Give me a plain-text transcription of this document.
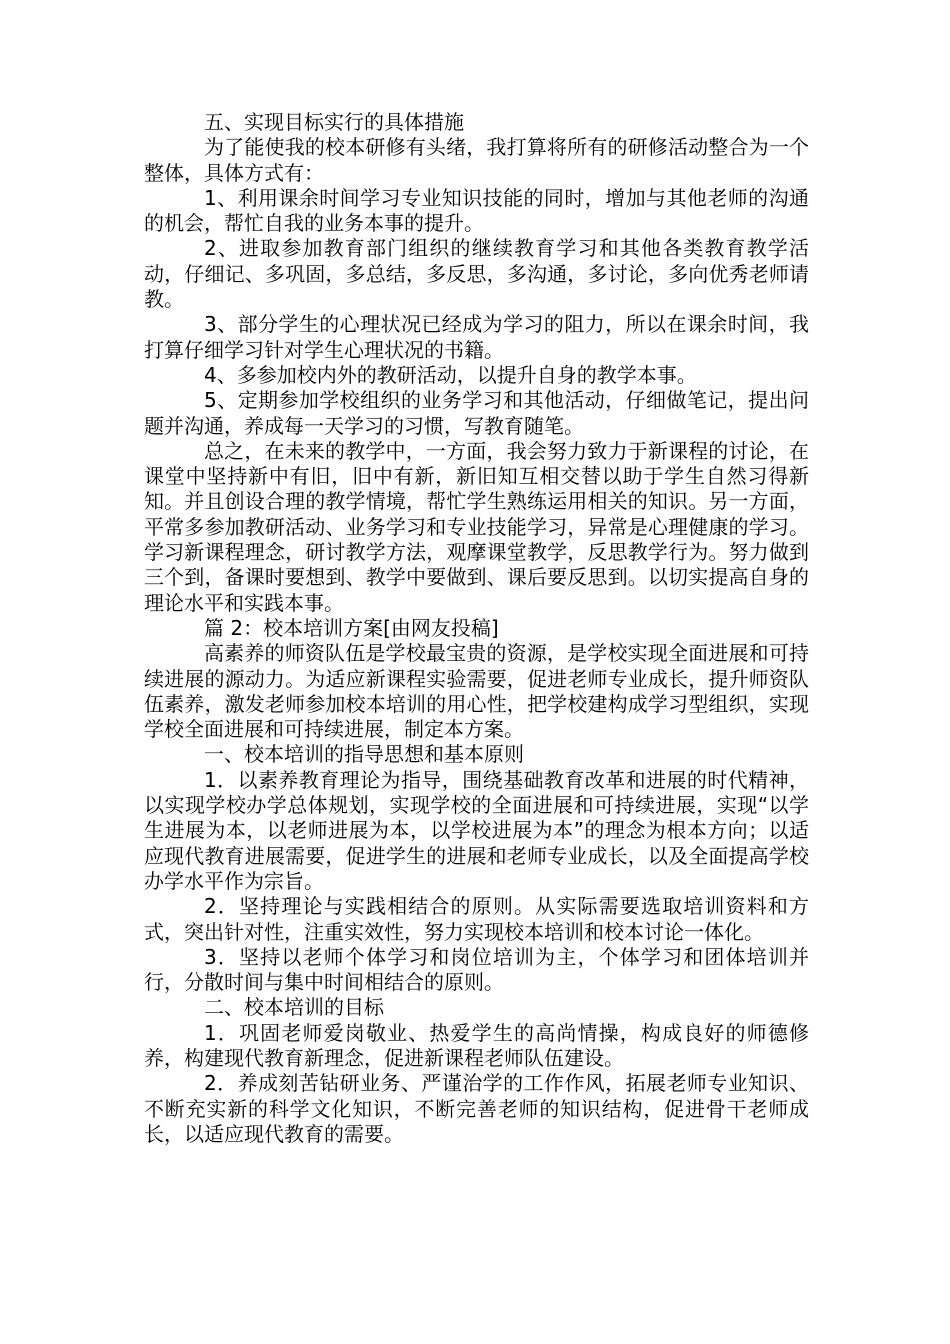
五、实现目标实行的具体措施

为了能使我的校本研修有头绪，我打算将所有的研修活动整合为一个整体，具体方式有：

1、利用课余时间学习专业知识技能的同时，增加与其他老师的沟通的机会，帮忙自我的业务本事的提升。

2、进取参加教育部门组织的继续教育学习和其他各类教育教学活动，仔细记、多巩固，多总结，多反思，多沟通，多讨论，多向优秀老师请教。

3、部分学生的心理状况已经成为学习的阻力，所以在课余时间，我打算仔细学习针对学生心理状况的书籍。

4、多参加校内外的教研活动，以提升自身的教学本事。

5、定期参加学校组织的业务学习和其他活动，仔细做笔记，提出问题并沟通，养成每一天学习的习惯，写教育随笔。

总之，在未来的教学中，一方面，我会努力致力于新课程的讨论，在课堂中坚持新中有旧，旧中有新，新旧知互相交替以助于学生自然习得新知。并且创设合理的教学情境，帮忙学生熟练运用相关的知识。另一方面，平常多参加教研活动、业务学习和专业技能学习，异常是心理健康的学习。学习新课程理念，研讨教学方法，观摩课堂教学，反思教学行为。努力做到三个到，备课时要想到、教学中要做到、课后要反思到。以切实提高自身的理论水平和实践本事。

篇 2：校本培训方案[由网友投稿]

高素养的师资队伍是学校最宝贵的资源，是学校实现全面进展和可持续进展的源动力。为适应新课程实验需要，促进老师专业成长，提升师资队伍素养，激发老师参加校本培训的用心性，把学校建构成学习型组织，实现学校全面进展和可持续进展，制定本方案。

一、校本培训的指导思想和基本原则

1．以素养教育理论为指导，围绕基础教育改革和进展的时代精神，以实现学校办学总体规划，实现学校的全面进展和可持续进展，实现“以学生进展为本，以老师进展为本，以学校进展为本”的理念为根本方向；以适应现代教育进展需要，促进学生的进展和老师专业成长，以及全面提高学校办学水平作为宗旨。

2．坚持理论与实践相结合的原则。从实际需要选取培训资料和方式，突出针对性，注重实效性，努力实现校本培训和校本讨论一体化。

3．坚持以老师个体学习和岗位培训为主，个体学习和团体培训并行，分散时间与集中时间相结合的原则。

二、校本培训的目标

1．巩固老师爱岗敬业、热爱学生的高尚情操，构成良好的师德修养，构建现代教育新理念，促进新课程老师队伍建设。

2．养成刻苦钻研业务、严谨治学的工作作风，拓展老师专业知识、不断充实新的科学文化知识，不断完善老师的知识结构，促进骨干老师成长，以适应现代教育的需要。
